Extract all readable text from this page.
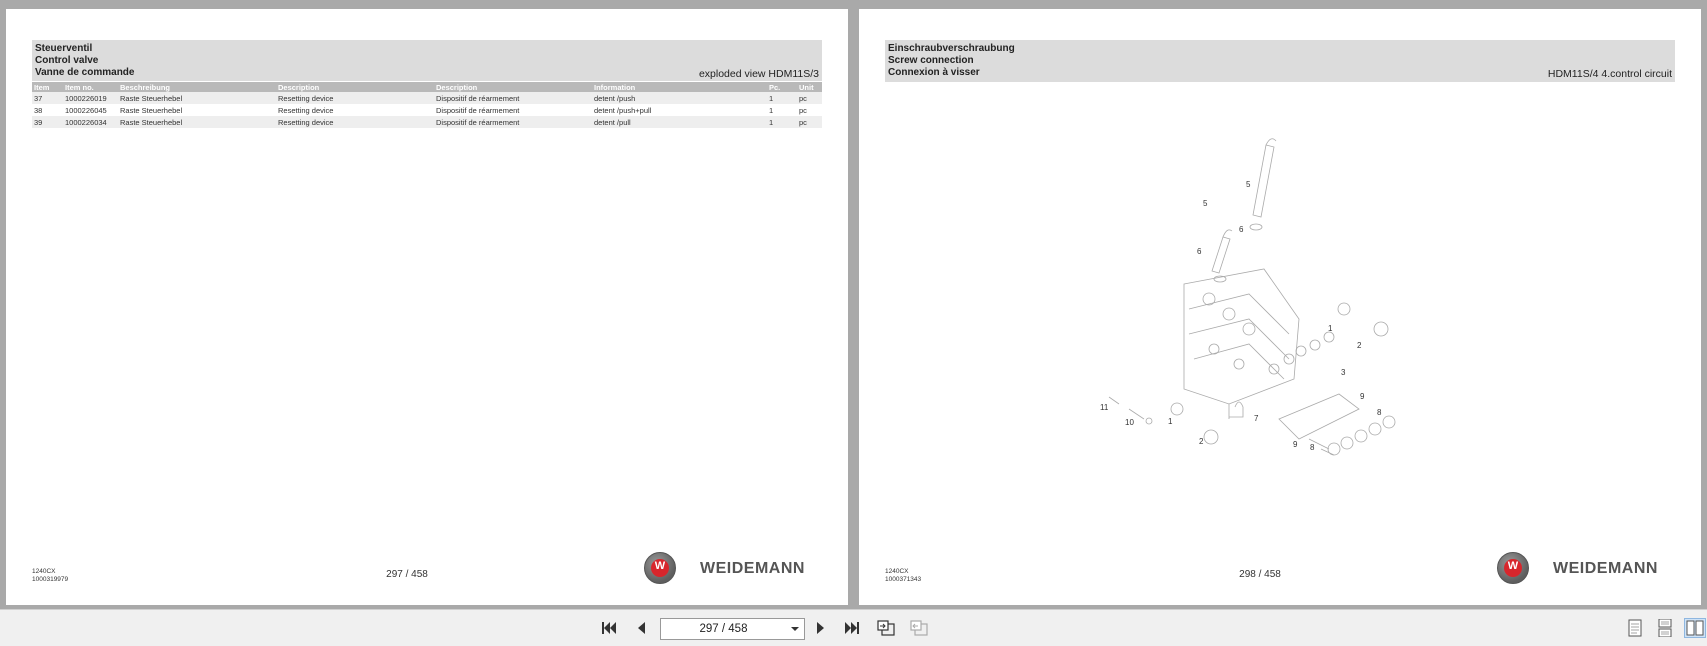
Steuerventil
Control valve
Vanne de commande	exploded view HDM11S/3
Item	Item no.	Beschreibung	Description	Description	Information	Pc.	Unit
37	1000226019	Raste Steuerhebel	Resetting device	Dispositif de réarmement	detent /push	1	pc
38	1000226045	Raste Steuerhebel	Resetting device	Dispositif de réarmement	detent /push+pull	1	pc
39	1000226034	Raste Steuerhebel	Resetting device	Dispositif de réarmement	detent /pull	1	pc
1240CX
1000319979	297 / 458
W	WEIDEMANN
Einschraubverschraubung
Screw connection
Connexion à visser	HDM11S/4 4.control circuit
5
5
6
6
1
2
3
9
8
7
11
10	1
2	9 8
1240CX
1000371343	298 / 458
W	WEIDEMANN
297 / 458
